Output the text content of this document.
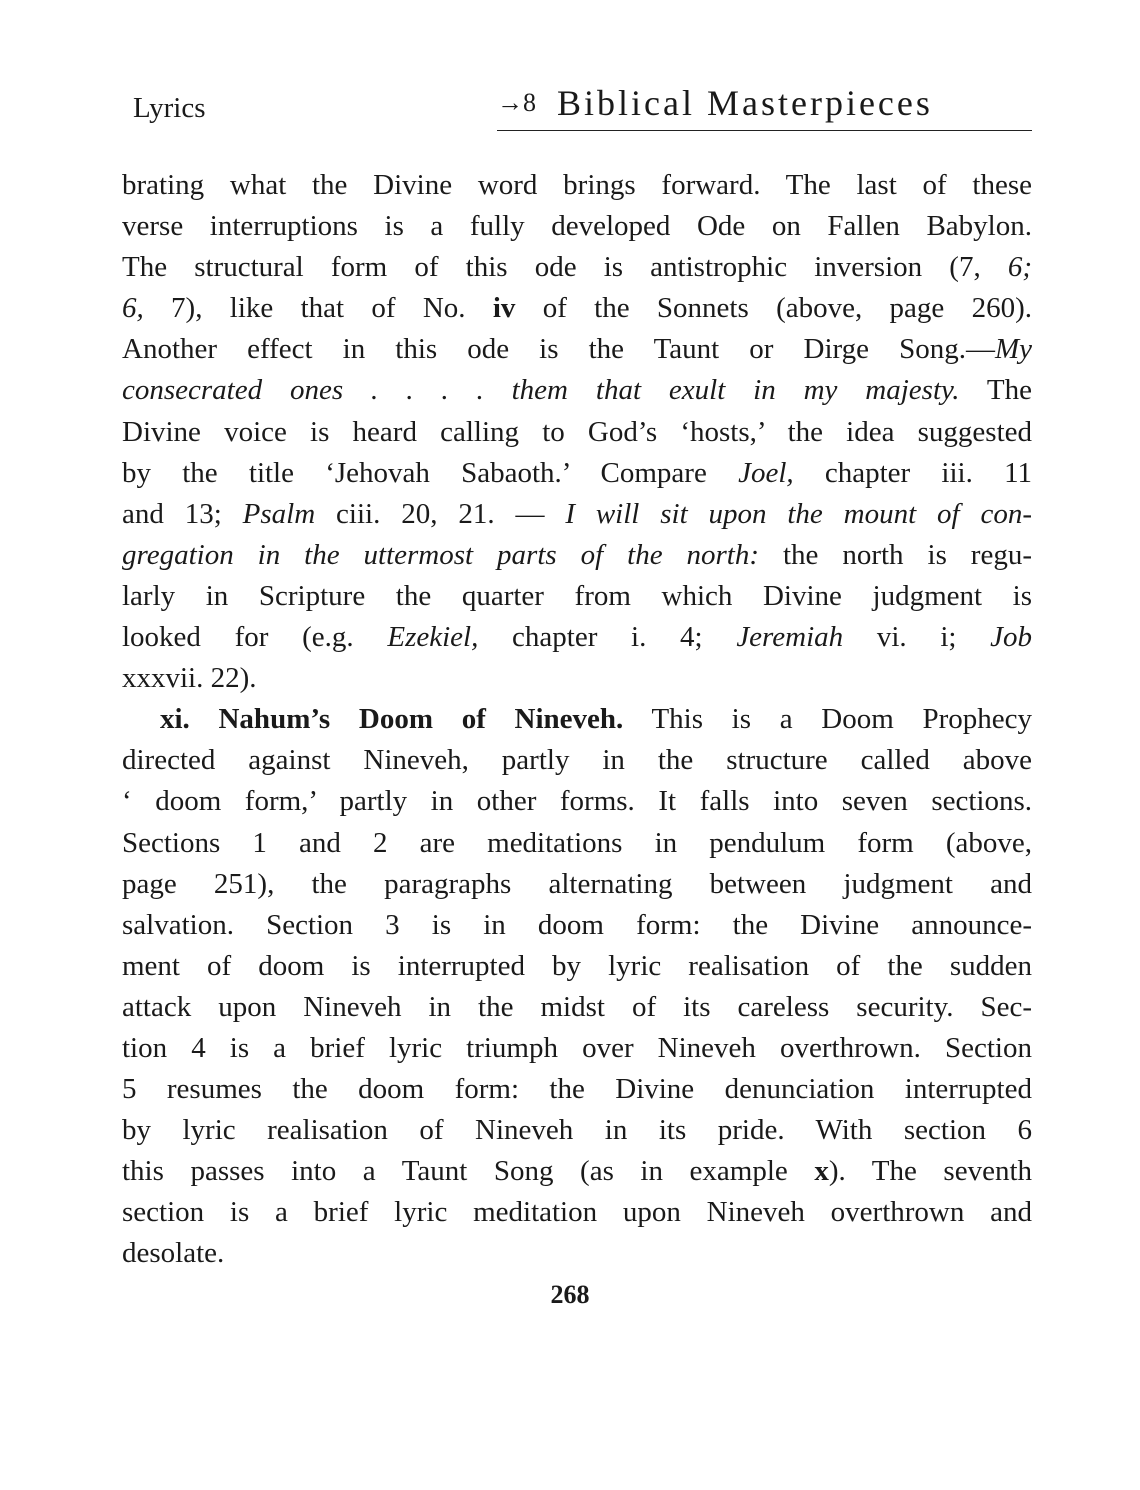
Lyrics	→8 Biblical Masterpieces
brating what the Divine word brings forward. The last of these
verse interruptions is a fully developed Ode on Fallen Babylon.
The structural form of this ode is antistrophic inversion (7, 6;
6, 7), like that of No. iv of the Sonnets (above, page 260).
Another effect in this ode is the Taunt or Dirge Song.—My
consecrated ones . . . . them that exult in my majesty. The
Divine voice is heard calling to God’s ‘hosts,’ the idea suggested
by the title ‘Jehovah Sabaoth.’ Compare Joel, chapter iii. 11
and 13; Psalm ciii. 20, 21. — I will sit upon the mount of con-
gregation in the uttermost parts of the north: the north is regu-
larly in Scripture the quarter from which Divine judgment is
looked for (e.g. Ezekiel, chapter i. 4; Jeremiah vi. i; Job
xxxvii. 22).
xi. Nahum’s Doom of Nineveh. This is a Doom Prophecy
directed against Nineveh, partly in the structure called above
‘ doom form,’ partly in other forms. It falls into seven sections.
Sections 1 and 2 are meditations in pendulum form (above,
page 251), the paragraphs alternating between judgment and
salvation. Section 3 is in doom form: the Divine announce-
ment of doom is interrupted by lyric realisation of the sudden
attack upon Nineveh in the midst of its careless security. Sec-
tion 4 is a brief lyric triumph over Nineveh overthrown. Section
5 resumes the doom form: the Divine denunciation interrupted
by lyric realisation of Nineveh in its pride. With section 6
this passes into a Taunt Song (as in example x). The seventh
section is a brief lyric meditation upon Nineveh overthrown and
desolate.
268
